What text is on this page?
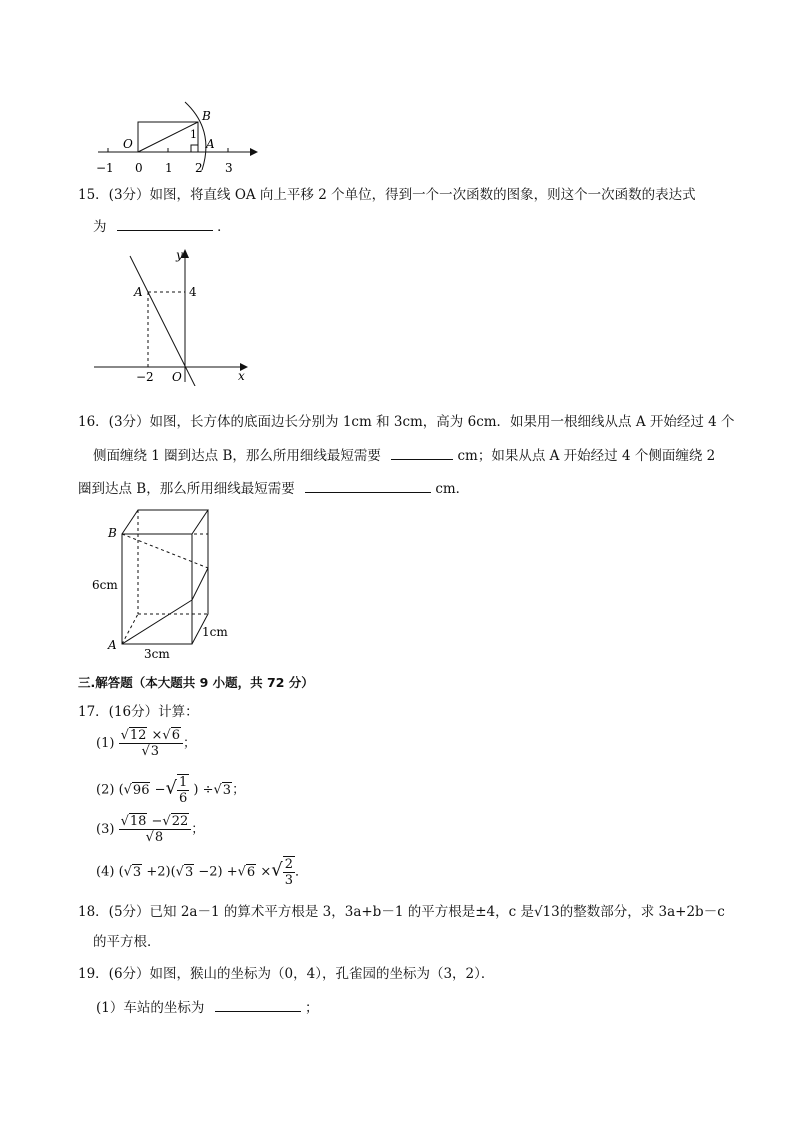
B
O
1
A
−1 0 1 2 3
15．(3分）如图，将直线 OA 向上平移 2 个单位，得到一个一次函数的图象，则这个一次函数的表达式
为	．
y
x
A	4
−2 O
16．(3分）如图，长方体的底面边长分别为 1cm 和 3cm，高为 6cm．如果用一根细线从点 A 开始经过 4 个
侧面缠绕 1 圈到达点 B，那么所用细线最短需要	cm；如果从点 A 开始经过 4 个侧面缠绕 2
圈到达点 B，那么所用细线最短需要	cm．
B
A
6cm
3cm
1cm
三.解答题（本大题共 9 小题，共 72 分）
17．(16分）计算：
$(1) \frac{√12 \times√6}{√3}$ ；
(2) (√96 −√ $\frac{1}{6}$ ) ÷√3；
$(3) \frac{√18 -√22}{√8}$ ；
(4) (√3 +2)(√3 −2) +√6 ×√ $\frac{2}{3}$ ．
18．(5分）已知 2a－1 的算术平方根是 3，3a+b－1 的平方根是±4，c 是√13的整数部分，求 3a+2b－c
的平方根．
19．(6分）如图，猴山的坐标为（0，4），孔雀园的坐标为（3，2）．
(1）车站的坐标为	；
